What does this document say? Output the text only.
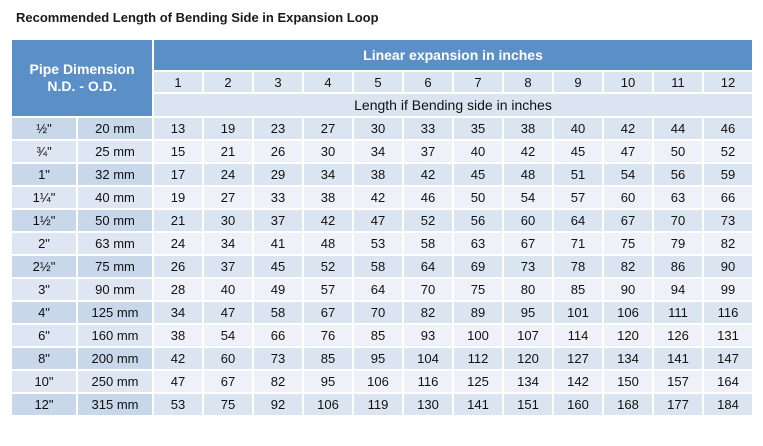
Recommended Length of Bending Side in Expansion Loop
Pipe Dimension
N.D. - O.D.		Linear expansion in inches											
		1	2	3	4	5	6	7	8	9	10	11	12
		Length if Bending side in inches											
½"	20 mm	13	19	23	27	30	33	35	38	40	42	44	46
¾"	25 mm	15	21	26	30	34	37	40	42	45	47	50	52
1"	32 mm	17	24	29	34	38	42	45	48	51	54	56	59
1¼"	40 mm	19	27	33	38	42	46	50	54	57	60	63	66
1½"	50 mm	21	30	37	42	47	52	56	60	64	67	70	73
2"	63 mm	24	34	41	48	53	58	63	67	71	75	79	82
2½"	75 mm	26	37	45	52	58	64	69	73	78	82	86	90
3"	90 mm	28	40	49	57	64	70	75	80	85	90	94	99
4"	125 mm	34	47	58	67	70	82	89	95	101	106	111	116
6"	160 mm	38	54	66	76	85	93	100	107	114	120	126	131
8"	200 mm	42	60	73	85	95	104	112	120	127	134	141	147
10"	250 mm	47	67	82	95	106	116	125	134	142	150	157	164
12"	315 mm	53	75	92	106	119	130	141	151	160	168	177	184
